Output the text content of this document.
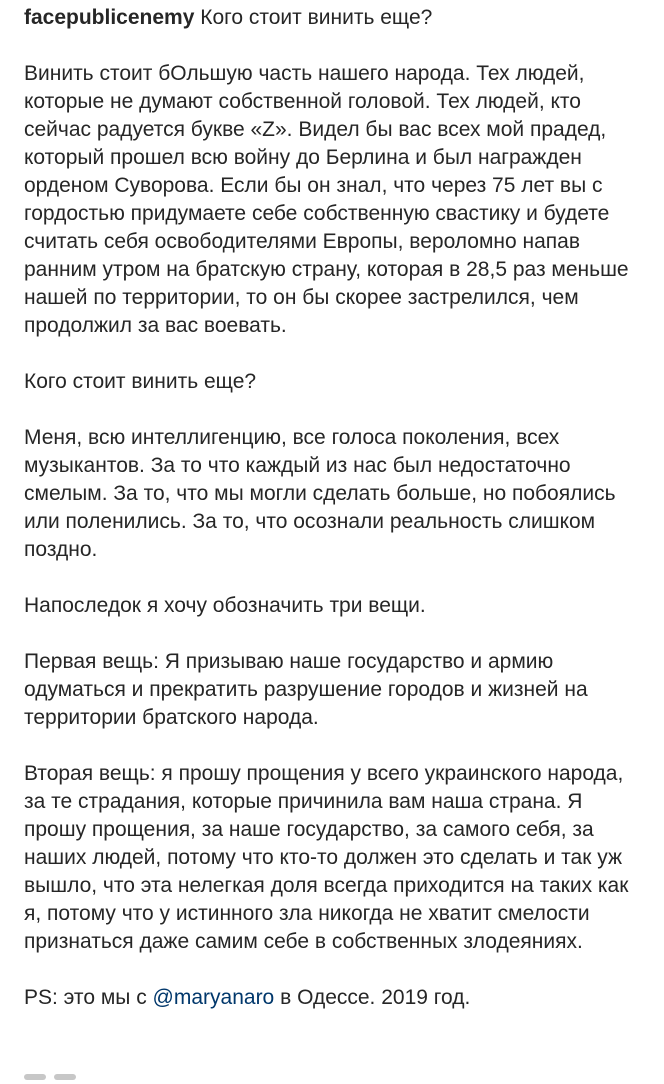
facepublicenemy Кого стоит винить еще?

Винить стоит бОльшую часть нашего народа. Тех людей, которые не думают собственной головой. Тех людей, кто сейчас радуется букве «Z». Видел бы вас всех мой прадед, который прошел всю войну до Берлина и был награжден орденом Суворова. Если бы он знал, что через 75 лет вы с гордостью придумаете себе собственную свастику и будете считать себя освободителями Европы, вероломно напав ранним утром на братскую страну, которая в 28,5 раз меньше нашей по территории, то он бы скорее застрелился, чем продолжил за вас воевать.

Кого стоит винить еще?

Меня, всю интеллигенцию, все голоса поколения, всех музыкантов. За то что каждый из нас был недостаточно смелым. За то, что мы могли сделать больше, но побоялись или поленились. За то, что осознали реальность слишком поздно.

Напоследок я хочу обозначить три вещи.

Первая вещь: Я призываю наше государство и армию одуматься и прекратить разрушение городов и жизней на территории братского народа.

Вторая вещь: я прошу прощения у всего украинского народа, за те страдания, которые причинила вам наша страна. Я прошу прощения, за наше государство, за самого себя, за наших людей, потому что кто-то должен это сделать и так уж вышло, что эта нелегкая доля всегда приходится на таких как я, потому что у истинного зла никогда не хватит смелости признаться даже самим себе в собственных злодеяниях.

PS: это мы с @maryanaro в Одессе. 2019 год.
